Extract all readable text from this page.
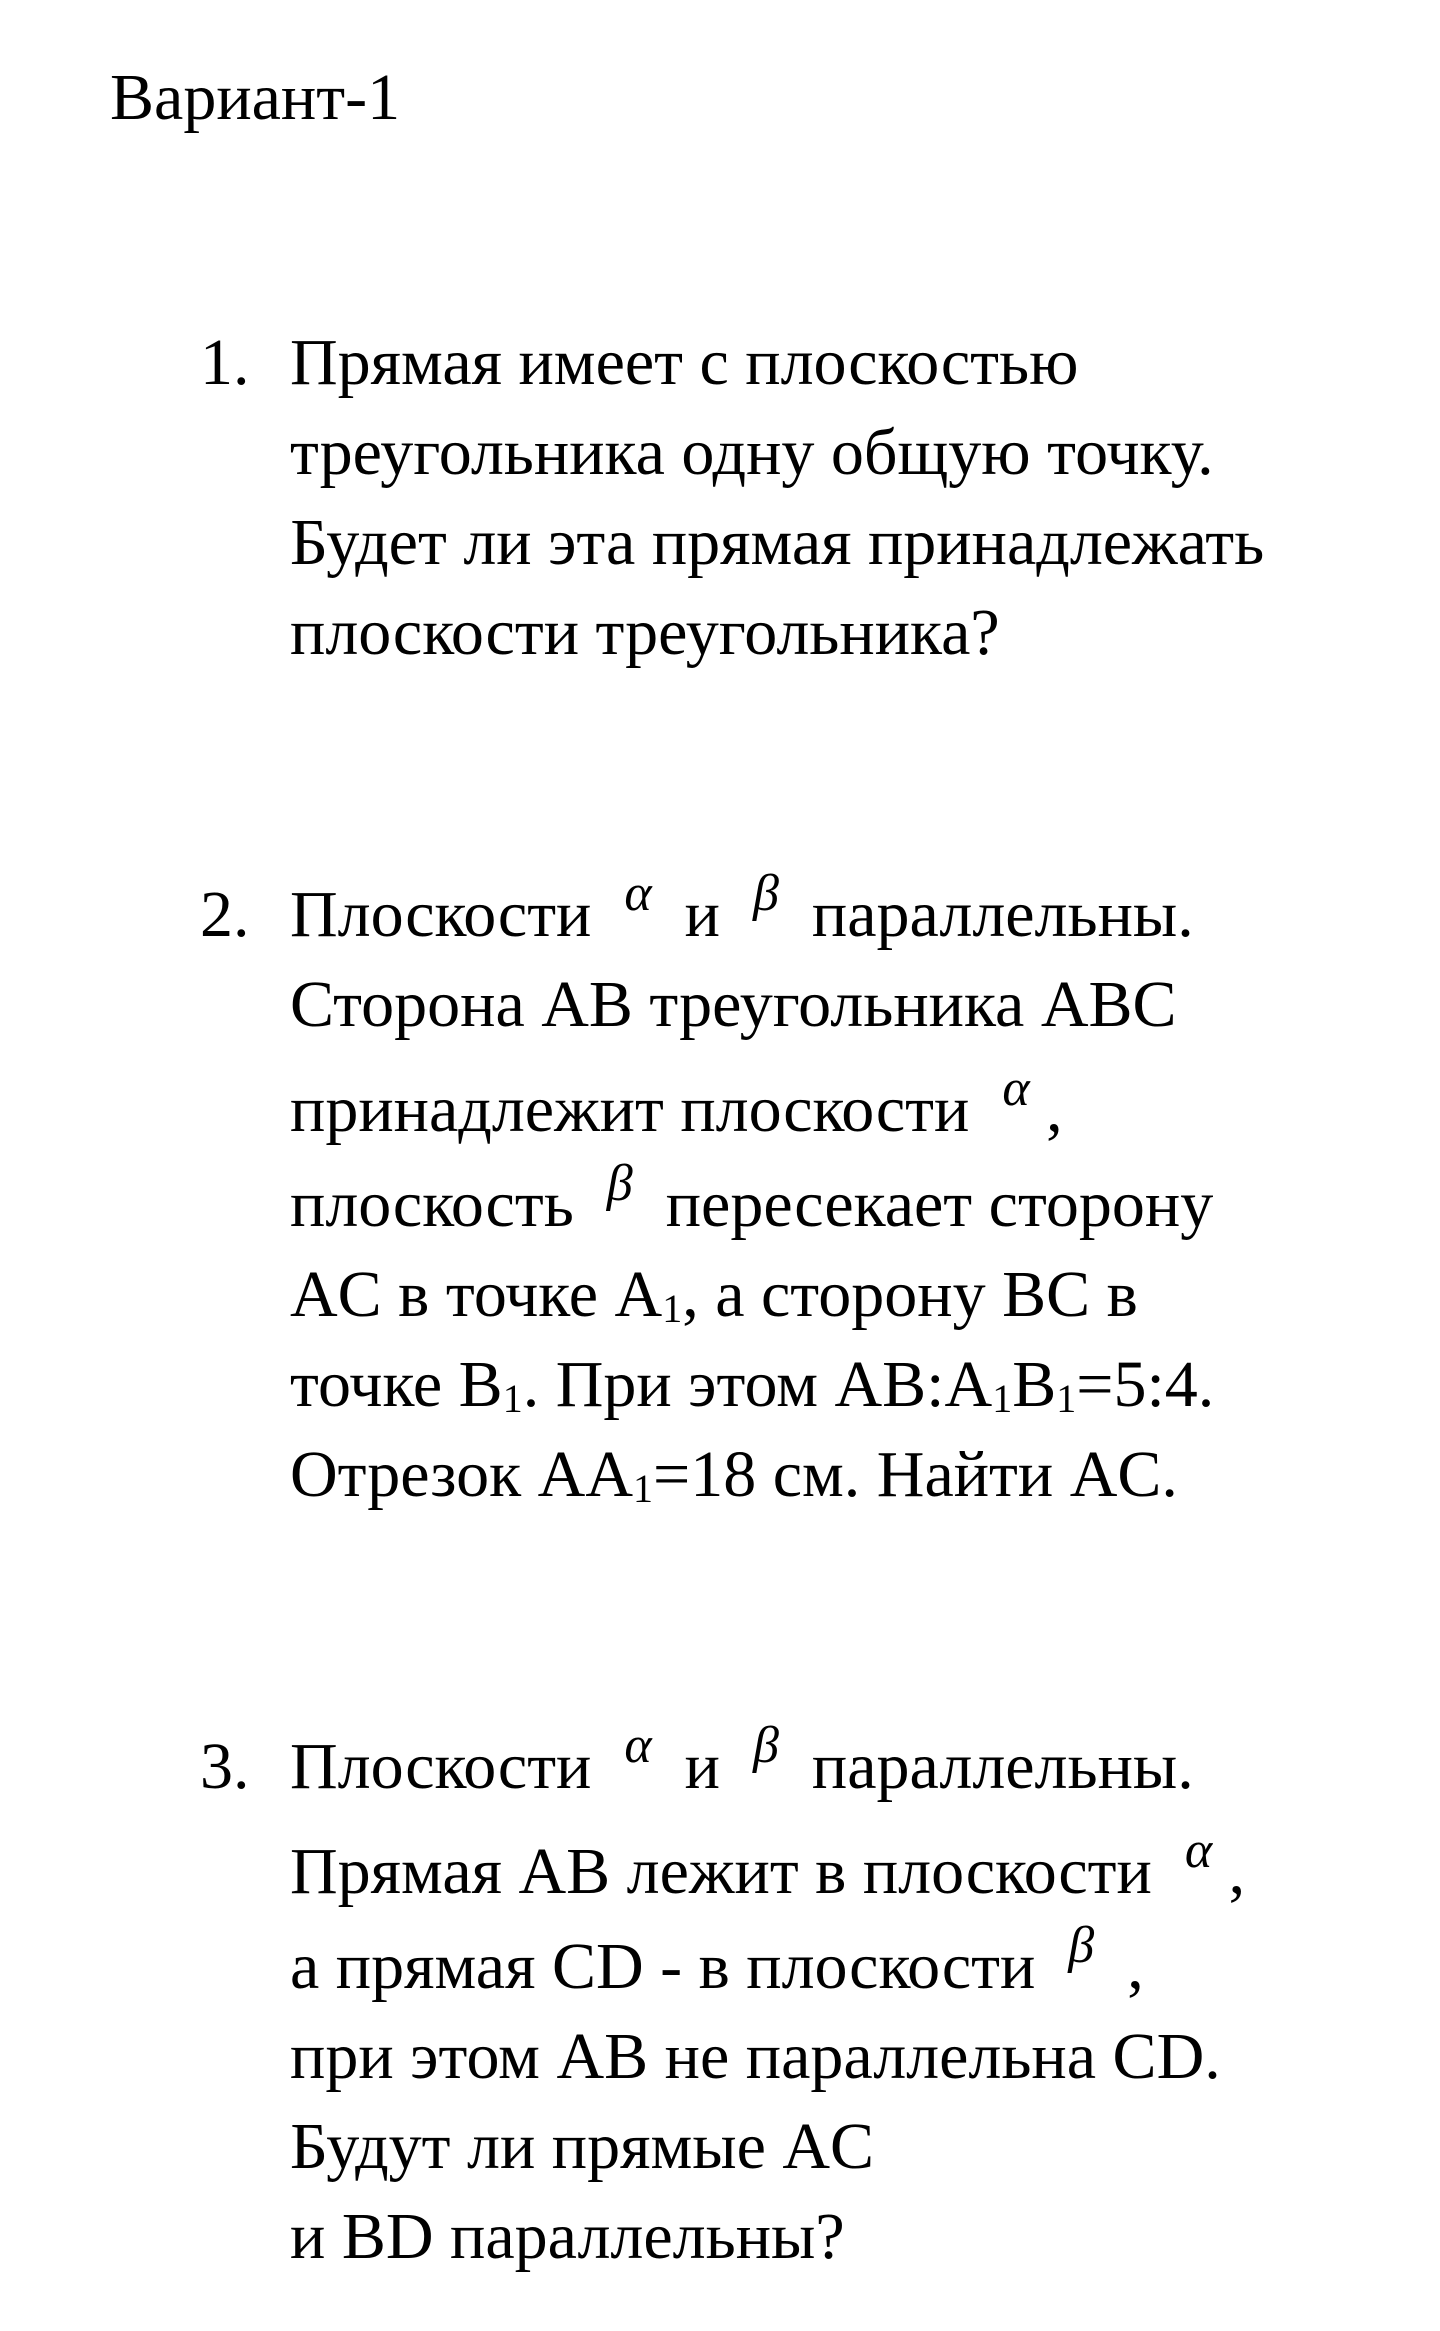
Вариант-1
1. Прямая имеет с плоскостью
треугольника одну общую точку.
Будет ли эта прямая принадлежать
плоскости треугольника?
2. Плоскости α и β параллельны.
Сторона AB треугольника ABC
принадлежит плоскости α ,
плоскость β пересекает сторону
AC в точке $A_1$, а сторону BC в
точке $B_1$. При этом $AB:A_1B_1=5:4$.
Отрезок $AA_1=18$ см. Найти AC.
3. Плоскости α и β параллельны.
Прямая AB лежит в плоскости α ,
а прямая CD - в плоскости β ,
при этом AB не параллельна CD.
Будут ли прямые AC
и BD параллельны?
